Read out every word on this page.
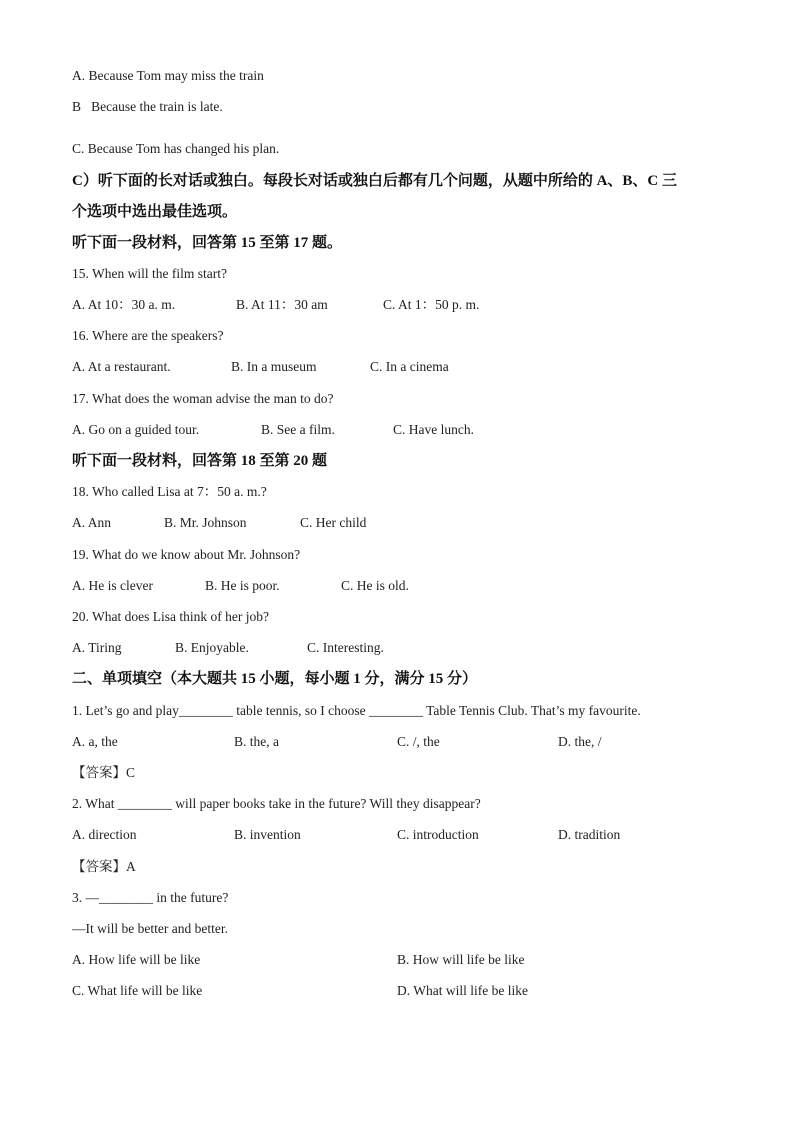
A. Because Tom may miss the train
B   Because the train is late.
C. Because Tom has changed his plan.
C）听下面的长对话或独白。每段长对话或独白后都有几个问题，从题中所给的 A、B、C 三
个选项中选出最佳选项。
听下面一段材料，回答第 15 至第 17 题。
15. When will the film start?
A. At 10：30 a. m.	B. At 11：30 am	C. At 1：50 p. m.
16. Where are the speakers?
A. At a restaurant.	B. In a museum	C. In a cinema
17. What does the woman advise the man to do?
A. Go on a guided tour.	B. See a film.	C. Have lunch.
听下面一段材料，回答第 18 至第 20 题
18. Who called Lisa at 7：50 a. m.?
A. Ann	B. Mr. Johnson	C. Her child
19. What do we know about Mr. Johnson?
A. He is clever	B. He is poor.	C. He is old.
20. What does Lisa think of her job?
A. Tiring	B. Enjoyable.	C. Interesting.
二、单项填空（本大题共 15 小题，每小题 1 分，满分 15 分）
1. Let’s go and play________ table tennis, so I choose ________ Table Tennis Club. That’s my favourite.
A. a, the	B. the, a	C. /, the	D. the, /
【答案】C
2. What ________ will paper books take in the future? Will they disappear?
A. direction	B. invention	C. introduction	D. tradition
【答案】A
3. —________ in the future?
—It will be better and better.
A. How life will be like	B. How will life be like
C. What life will be like	D. What will life be like
